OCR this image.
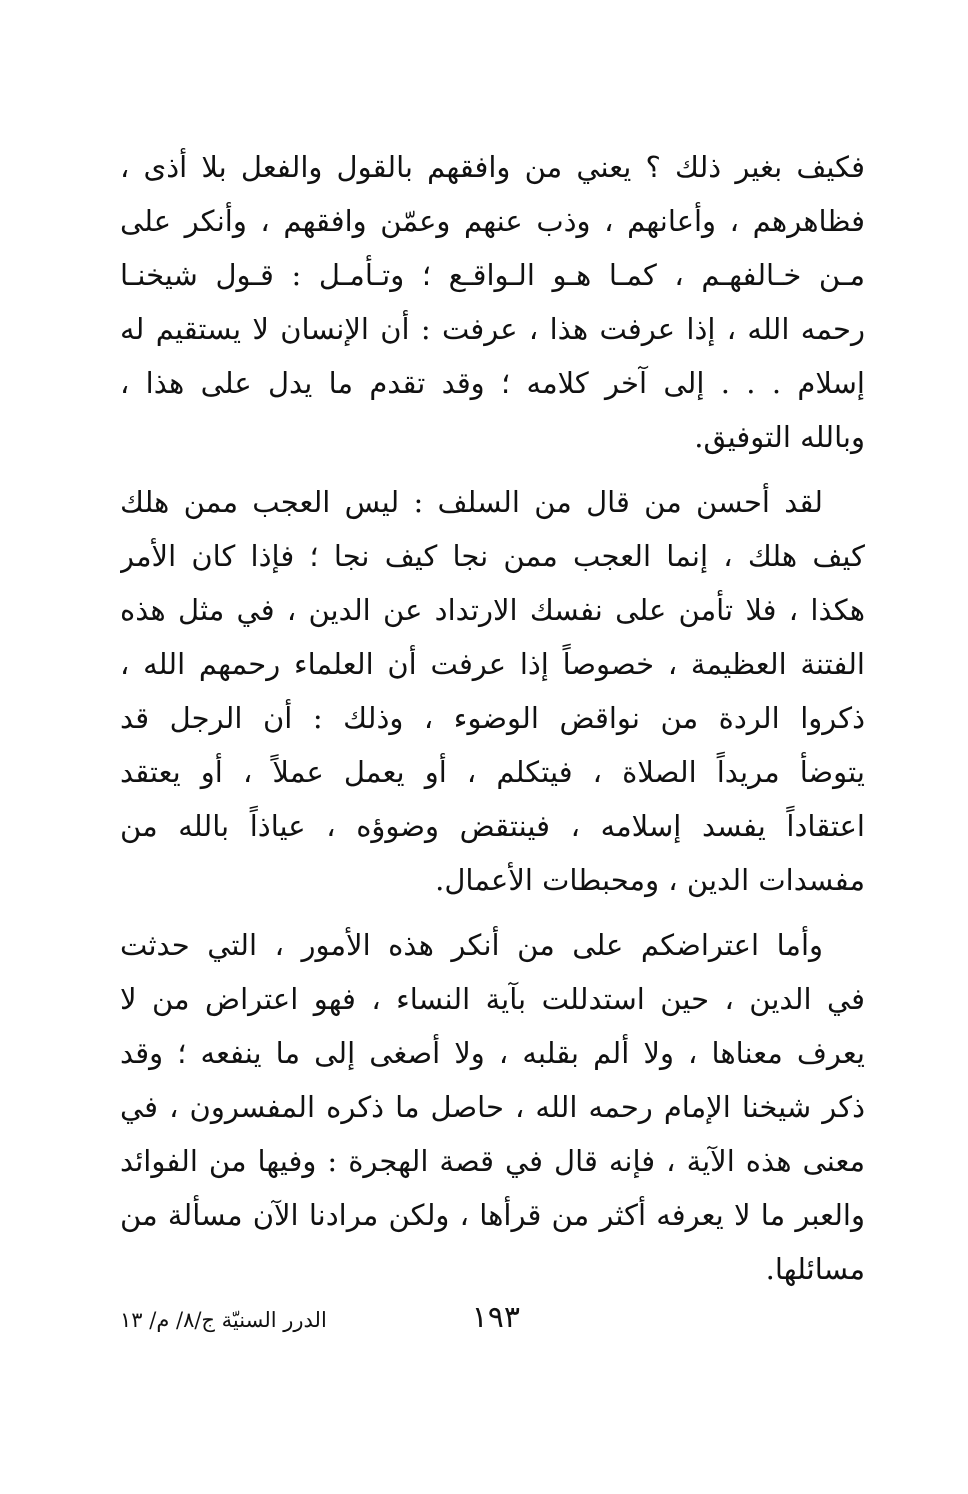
فكيف بغير ذلك ؟ يعني من وافقهم بالقول والفعل بلا أذى ،
فظاهرهم ، وأعانهم ، وذب عنهم وعمّن وافقهم ، وأنكر على
مـن خـالفهـم ، كمـا هـو الـواقـع ؛ وتـأمـل : قـول شيخنـا
رحمه الله ، إذا عرفت هذا ، عرفت : أن الإنسان لا يستقيم له
إسلام . . . إلى آخر كلامه ؛ وقد تقدم ما يدل على هذا ،
وبالله التوفيق.
لقد أحسن من قال من السلف : ليس العجب ممن هلك
كيف هلك ، إنما العجب ممن نجا كيف نجا ؛ فإذا كان الأمر
هكذا ، فلا تأمن على نفسك الارتداد عن الدين ، في مثل هذه
الفتنة العظيمة ، خصوصاً إذا عرفت أن العلماء رحمهم الله ،
ذكروا الردة من نواقض الوضوء ، وذلك : أن الرجل قد
يتوضأ مريداً الصلاة ، فيتكلم ، أو يعمل عملاً ، أو يعتقد
اعتقاداً يفسد إسلامه ، فينتقض وضوؤه ، عياذاً بالله من
مفسدات الدين ، ومحبطات الأعمال.
وأما اعتراضكم على من أنكر هذه الأمور ، التي حدثت
في الدين ، حين استدللت بآية النساء ، فهو اعتراض من لا
يعرف معناها ، ولا ألم بقلبه ، ولا أصغى إلى ما ينفعه ؛ وقد
ذكر شيخنا الإمام رحمه الله ، حاصل ما ذكره المفسرون ، في
معنى هذه الآية ، فإنه قال في قصة الهجرة : وفيها من الفوائد
والعبر ما لا يعرفه أكثر من قرأها ، ولكن مرادنا الآن مسألة من
مسائلها.
١٩٣
الدرر السنيّة ج/٨/ م/ ١٣
